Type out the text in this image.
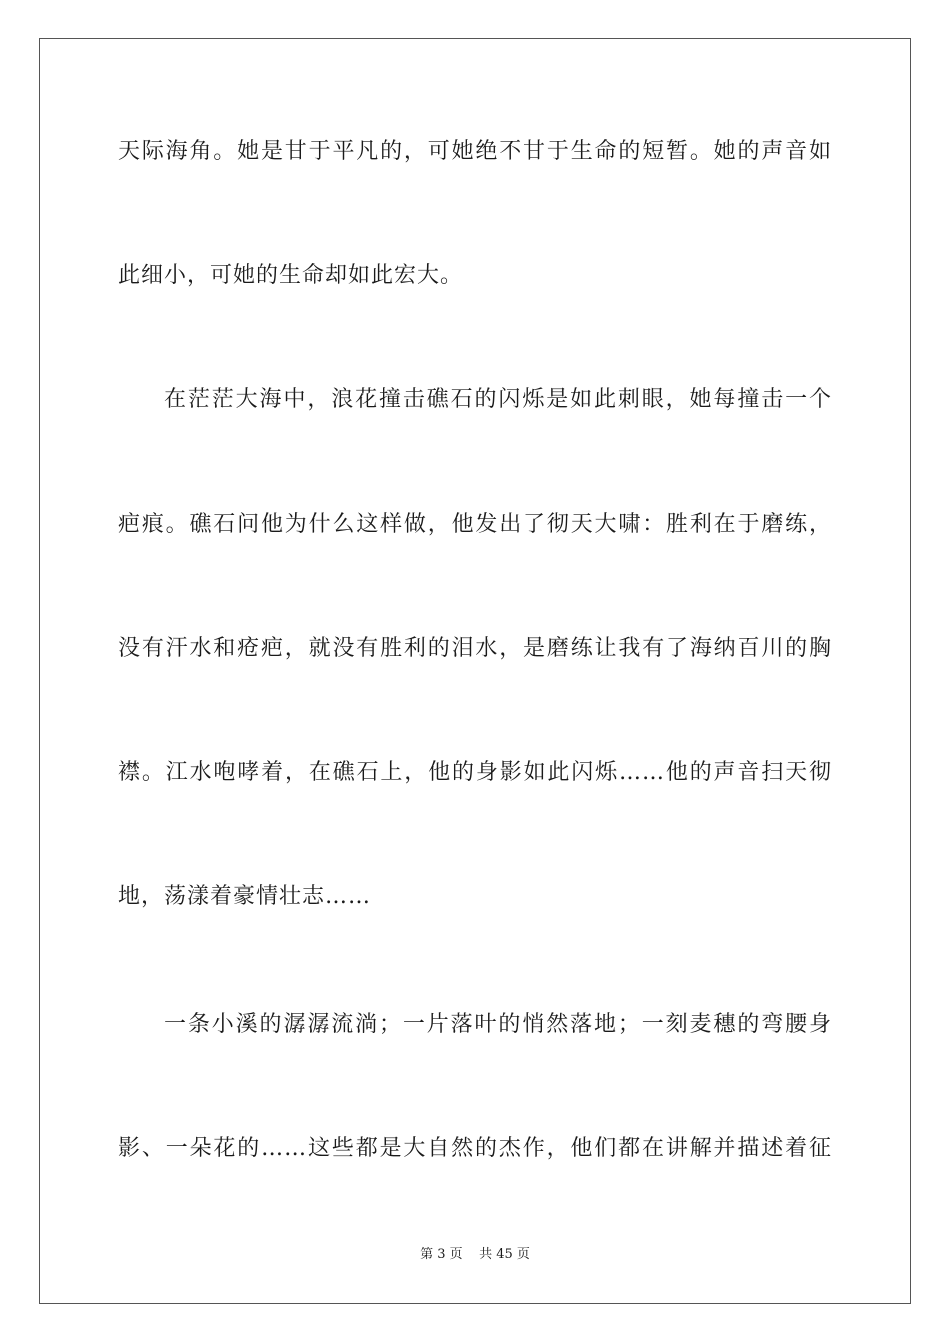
天际海角。她是甘于平凡的，可她绝不甘于生命的短暂。她的声音如
此细小，可她的生命却如此宏大。
在茫茫大海中，浪花撞击礁石的闪烁是如此刺眼，她每撞击一个
疤痕。礁石问他为什么这样做，他发出了彻天大啸：胜利在于磨练，
没有汗水和疮疤，就没有胜利的泪水，是磨练让我有了海纳百川的胸
襟。江水咆哮着，在礁石上，他的身影如此闪烁……他的声音扫天彻
地，荡漾着豪情壮志……
一条小溪的潺潺流淌；一片落叶的悄然落地；一刻麦穗的弯腰身
影、一朵花的……这些都是大自然的杰作，他们都在讲解并描述着征
第 3 页    共 45 页
